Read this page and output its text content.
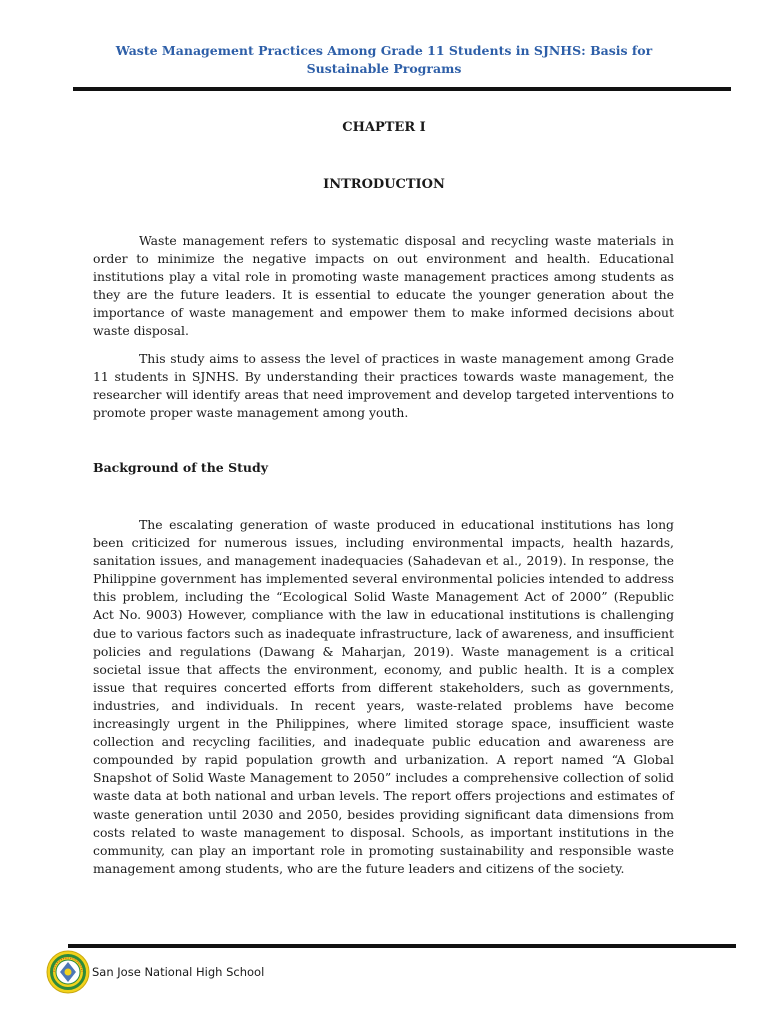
Waste Management Practices Among Grade 11 Students in SJNHS: Basis for
Sustainable Programs
CHAPTER I
INTRODUCTION

Waste management refers to systematic disposal and recycling waste materials in order to minimize the negative impacts on out environment and health. Educational institutions play a vital role in promoting waste management practices among students as they are the future leaders. It is essential to educate the younger generation about the importance of waste management and empower them to make informed decisions about waste disposal.

This study aims to assess the level of practices in waste management among Grade 11 students in SJNHS. By understanding their practices towards waste management, the researcher will identify areas that need improvement and develop targeted interventions to promote proper waste management among youth.

Background of the Study

The escalating generation of waste produced in educational institutions has long been criticized for numerous issues, including environmental impacts, health hazards, sanitation issues, and management inadequacies (Sahadevan et al., 2019). In response, the Philippine government has implemented several environmental policies intended to address this problem, including the “Ecological Solid Waste Management Act of 2000” (Republic Act No. 9003) However, compliance with the law in educational institutions is challenging due to various factors such as inadequate infrastructure, lack of awareness, and insufficient policies and regulations (Dawang & Maharjan, 2019). Waste management is a critical societal issue that affects the environment, economy, and public health. It is a complex issue that requires concerted efforts from different stakeholders, such as governments, industries, and individuals. In recent years, waste-related problems have become increasingly urgent in the Philippines, where limited storage space, insufficient waste collection and recycling facilities, and inadequate public education and awareness are compounded by rapid population growth and urbanization. A report named “A Global Snapshot of Solid Waste Management to 2050” includes a comprehensive collection of solid waste data at both national and urban levels. The report offers projections and estimates of waste generation until 2030 and 2050, besides providing significant data dimensions from costs related to waste management to disposal. Schools, as important institutions in the community, can play an important role in promoting sustainability and responsible waste management among students, who are the future leaders and citizens of the society.

San Jose National High School
